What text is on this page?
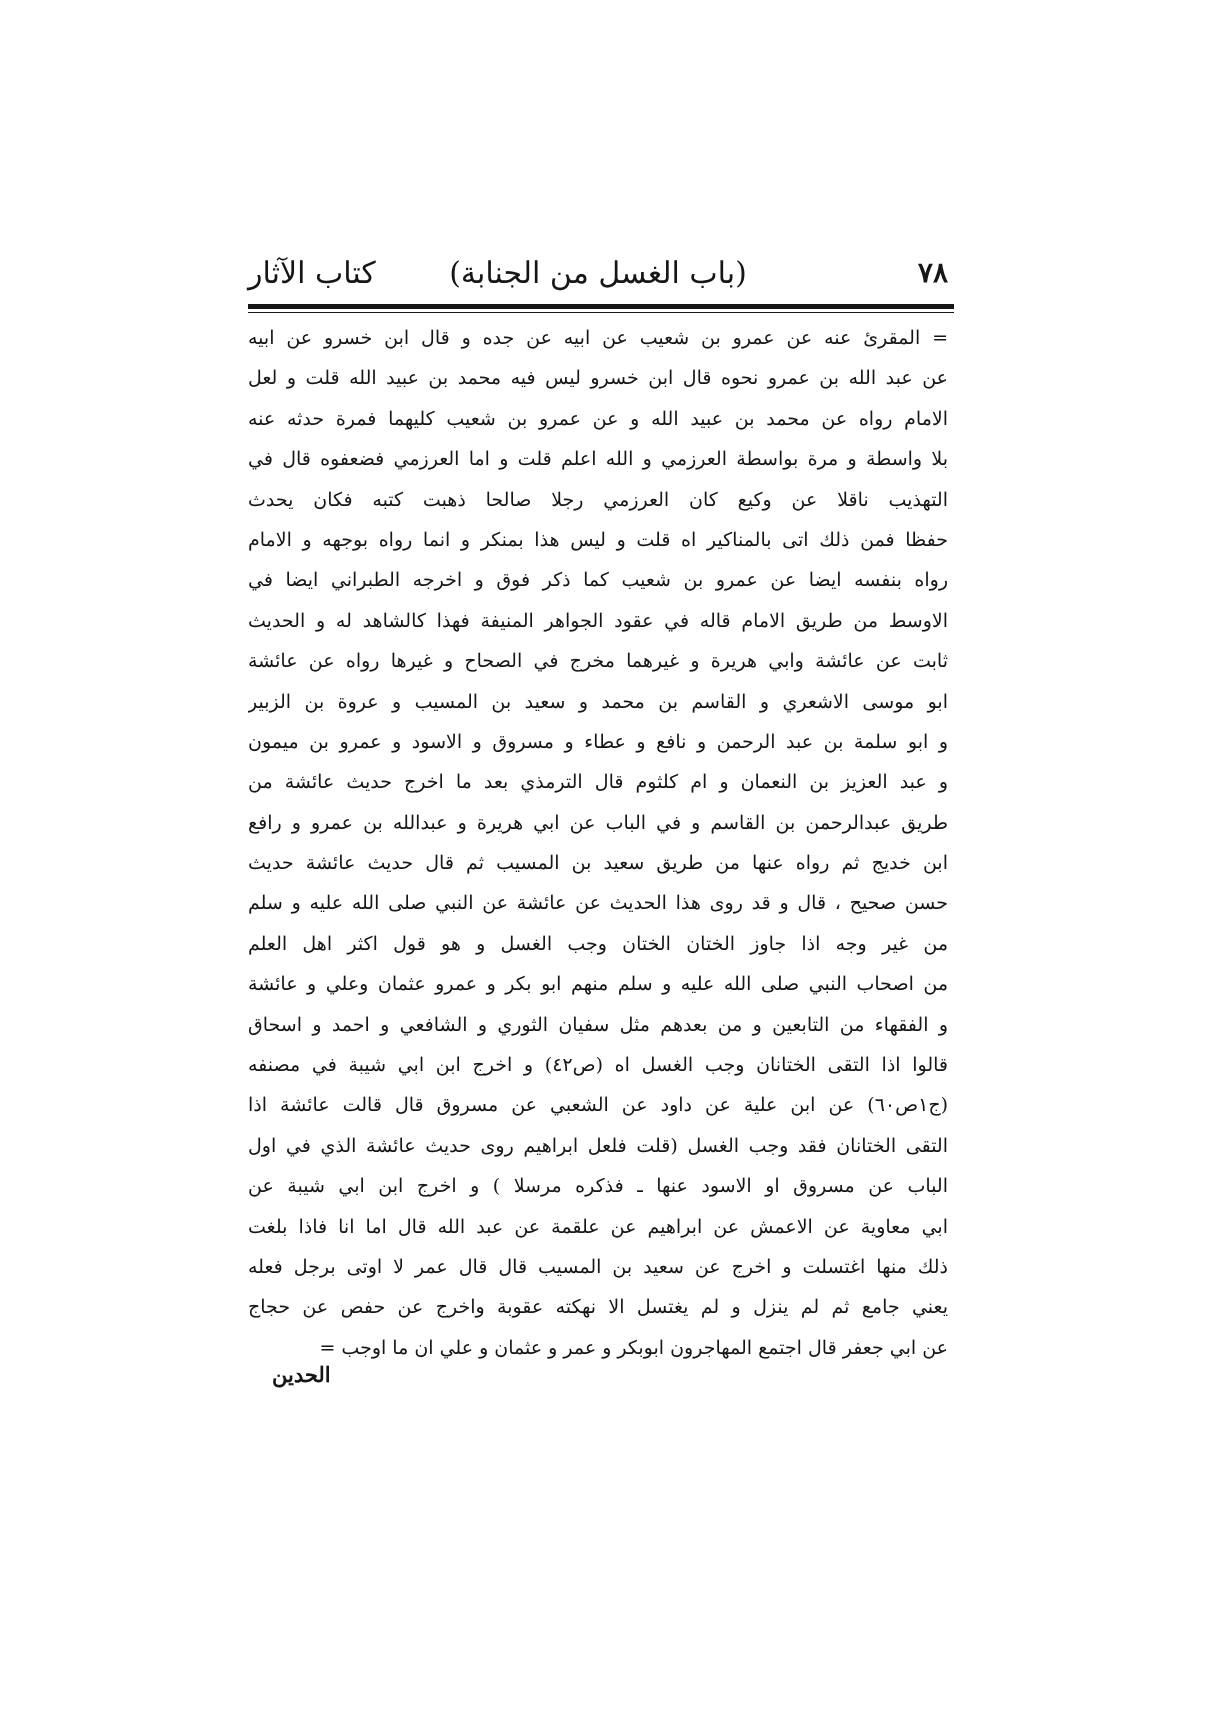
٧٨
(باب الغسل من الجنابة)
كتاب الآثار
= المقرئ عنه عن عمرو بن شعيب عن ابيه عن جده و قال ابن خسرو عن ابيه
عن عبد الله بن عمرو نحوه قال ابن خسرو ليس فيه محمد بن عبيد الله قلت و لعل
الامام رواه عن محمد بن عبيد الله و عن عمرو بن شعيب كليهما فمرة حدثه عنه
بلا واسطة و مرة بواسطة العرزمي و الله اعلم قلت و اما العرزمي فضعفوه قال في
التهذيب ناقلا عن وكيع كان العرزمي رجلا صالحا ذهبت كتبه فكان يحدث
حفظا فمن ذلك اتى بالمناكير اه قلت و ليس هذا بمنكر و انما رواه بوجهه و الامام
رواه بنفسه ايضا عن عمرو بن شعيب كما ذكر فوق و اخرجه الطبراني ايضا في
الاوسط من طريق الامام قاله في عقود الجواهر المنيفة فهذا كالشاهد له و الحديث
ثابت عن عائشة وابي هريرة و غيرهما مخرج في الصحاح و غيرها رواه عن عائشة
ابو موسى الاشعري و القاسم بن محمد و سعيد بن المسيب و عروة بن الزبير
و ابو سلمة بن عبد الرحمن و نافع و عطاء و مسروق و الاسود و عمرو بن ميمون
و عبد العزيز بن النعمان و ام كلثوم قال الترمذي بعد ما اخرج حديث عائشة من
طريق عبدالرحمن بن القاسم و في الباب عن ابي هريرة و عبدالله بن عمرو و رافع
ابن خديج ثم رواه عنها من طريق سعيد بن المسيب ثم قال حديث عائشة حديث
حسن صحيح ، قال و قد روى هذا الحديث عن عائشة عن النبي صلى الله عليه و سلم
من غير وجه اذا جاوز الختان الختان وجب الغسل و هو قول اكثر اهل العلم
من اصحاب النبي صلى الله عليه و سلم منهم ابو بكر و عمرو عثمان وعلي و عائشة
و الفقهاء من التابعين و من بعدهم مثل سفيان الثوري و الشافعي و احمد و اسحاق
قالوا اذا التقى الختانان وجب الغسل اه (ص٤٢) و اخرج ابن ابي شيبة في مصنفه
(ج١ص٦٠) عن ابن علية عن داود عن الشعبي عن مسروق قال قالت عائشة اذا
التقى الختانان فقد وجب الغسل (قلت فلعل ابراهيم روى حديث عائشة الذي في اول
الباب عن مسروق او الاسود عنها ـ فذكره مرسلا ) و اخرج ابن ابي شيبة عن
ابي معاوية عن الاعمش عن ابراهيم عن علقمة عن عبد الله قال اما انا فاذا بلغت
ذلك منها اغتسلت و اخرج عن سعيد بن المسيب قال قال عمر لا اوتى برجل فعله
يعني جامع ثم لم ينزل و لم يغتسل الا نهكته عقوبة واخرج عن حفص عن حجاج
عن ابي جعفر قال اجتمع المهاجرون ابوبكر و عمر و عثمان و علي ان ما اوجب =
الحدين
